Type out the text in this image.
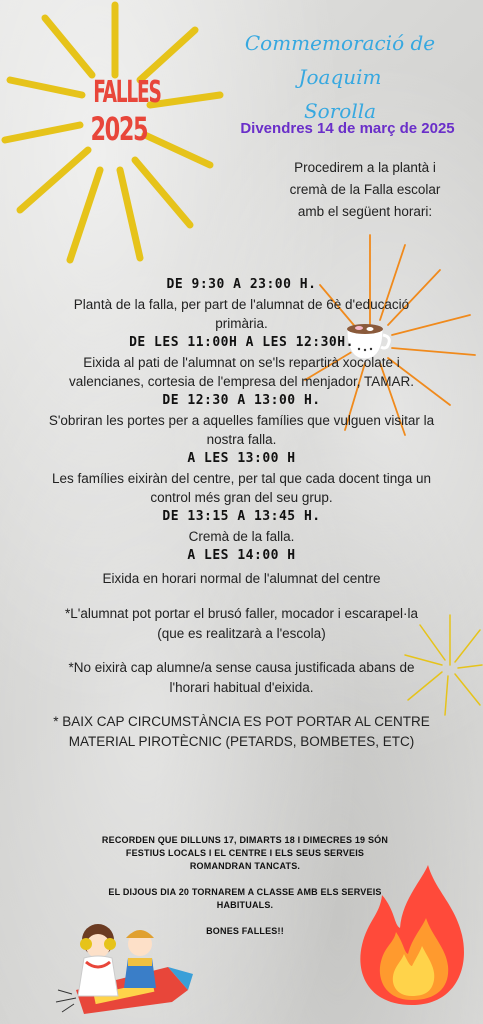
FALLES
2025
Commemoració de Joaquim
Sorolla
Divendres 14 de març de 2025
Procedirem a la plantà i
cremà de la Falla escolar
amb el següent horari:
DE 9:30 A 23:00 H.
Plantà de la falla, per part de l'alumnat de 6è d'educació
primària.
DE LES 11:00H A LES 12:30H.
Eixida al pati de l'alumnat on se'ls repartirà xocolate i
valencianes, cortesia de l'empresa del menjador, TAMAR.
DE 12:30 A 13:00 H.
S'obriran les portes per a aquelles famílies que vulguen visitar la
nostra falla.
A LES 13:00 H
Les famílies eixiràn del centre, per tal que cada docent tinga un
control més gran del seu grup.
DE 13:15 A 13:45 H.
Cremà de la falla.
A LES 14:00 H
Eixida en horari normal de l'alumnat del centre
*L'alumnat pot portar el brusó faller, mocador i escarapel·la
(que es realitzarà a l'escola)
*No eixirà cap alumne/a sense causa justificada abans de
l'horari habitual d'eixida.
* BAIX CAP CIRCUMSTÀNCIA ES POT PORTAR AL CENTRE
MATERIAL PIROTÈCNIC (PETARDS, BOMBETES, ETC)
RECORDEN QUE DILLUNS 17, DIMARTS 18 I DIMECRES 19 SÓN
FESTIUS LOCALS I EL CENTRE I ELS SEUS SERVEIS
ROMANDRAN TANCATS.
EL DIJOUS DIA 20 TORNAREM A CLASSE AMB ELS SERVEIS
HABITUALS.
BONES FALLES!!
